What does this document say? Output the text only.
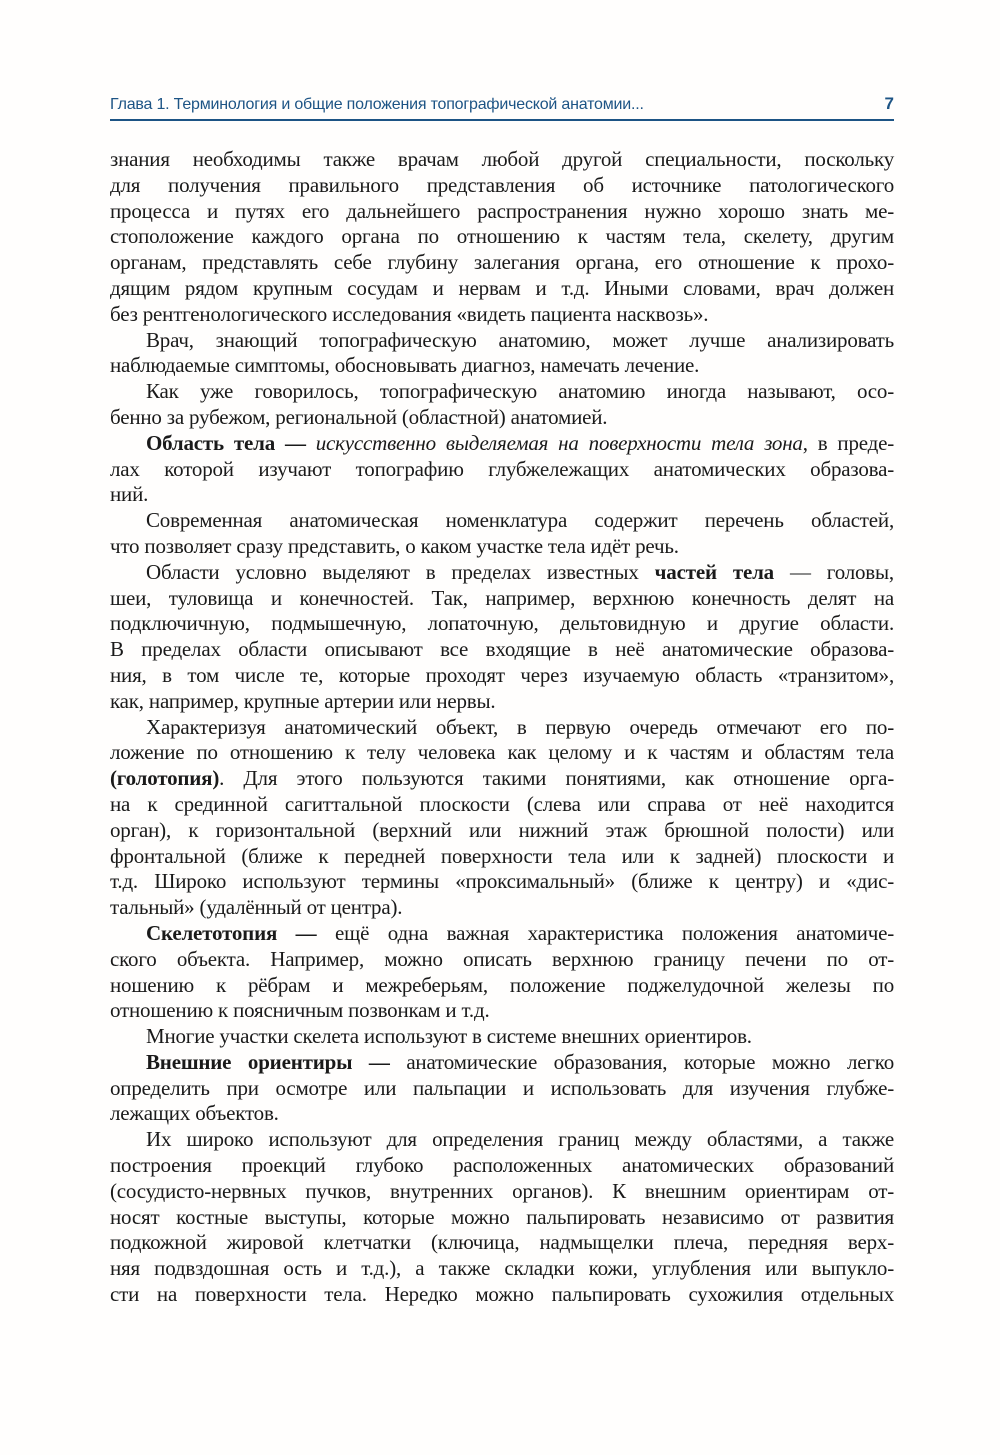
Глава 1. Терминология и общие положения топографической анатомии...	7
знания необходимы также врачам любой другой специальности, поскольку
для получения правильного представления об источнике патологического
процесса и путях его дальнейшего распространения нужно хорошо знать ме-
стоположение каждого органа по отношению к частям тела, скелету, другим
органам, представлять себе глубину залегания органа, его отношение к прохо-
дящим рядом крупным сосудам и нервам и т.д. Иными словами, врач должен
без рентгенологического исследования «видеть пациента насквозь».
Врач, знающий топографическую анатомию, может лучше анализировать
наблюдаемые симптомы, обосновывать диагноз, намечать лечение.
Как уже говорилось, топографическую анатомию иногда называют, осо-
бенно за рубежом, региональной (областной) анатомией.
Область тела — искусственно выделяемая на поверхности тела зона, в преде-
лах которой изучают топографию глубжележащих анатомических образова-
ний.
Современная анатомическая номенклатура содержит перечень областей,
что позволяет сразу представить, о каком участке тела идёт речь.
Области условно выделяют в пределах известных частей тела — головы,
шеи, туловища и конечностей. Так, например, верхнюю конечность делят на
подключичную, подмышечную, лопаточную, дельтовидную и другие области.
В пределах области описывают все входящие в неё анатомические образова-
ния, в том числе те, которые проходят через изучаемую область «транзитом»,
как, например, крупные артерии или нервы.
Характеризуя анатомический объект, в первую очередь отмечают его по-
ложение по отношению к телу человека как целому и к частям и областям тела
(голотопия). Для этого пользуются такими понятиями, как отношение орга-
на к срединной сагиттальной плоскости (слева или справа от неё находится
орган), к горизонтальной (верхний или нижний этаж брюшной полости) или
фронтальной (ближе к передней поверхности тела или к задней) плоскости и
т.д. Широко используют термины «проксимальный» (ближе к центру) и «дис-
тальный» (удалённый от центра).
Скелетотопия — ещё одна важная характеристика положения анатомиче-
ского объекта. Например, можно описать верхнюю границу печени по от-
ношению к рёбрам и межреберьям, положение поджелудочной железы по
отношению к поясничным позвонкам и т.д.
Многие участки скелета используют в системе внешних ориентиров.
Внешние ориентиры — анатомические образования, которые можно легко
определить при осмотре или пальпации и использовать для изучения глубже-
лежащих объектов.
Их широко используют для определения границ между областями, а также
построения проекций глубоко расположенных анатомических образований
(сосудисто-нервных пучков, внутренних органов). К внешним ориентирам от-
носят костные выступы, которые можно пальпировать независимо от развития
подкожной жировой клетчатки (ключица, надмыщелки плеча, передняя верх-
няя подвздошная ость и т.д.), а также складки кожи, углубления или выпукло-
сти на поверхности тела. Нередко можно пальпировать сухожилия отдельных
